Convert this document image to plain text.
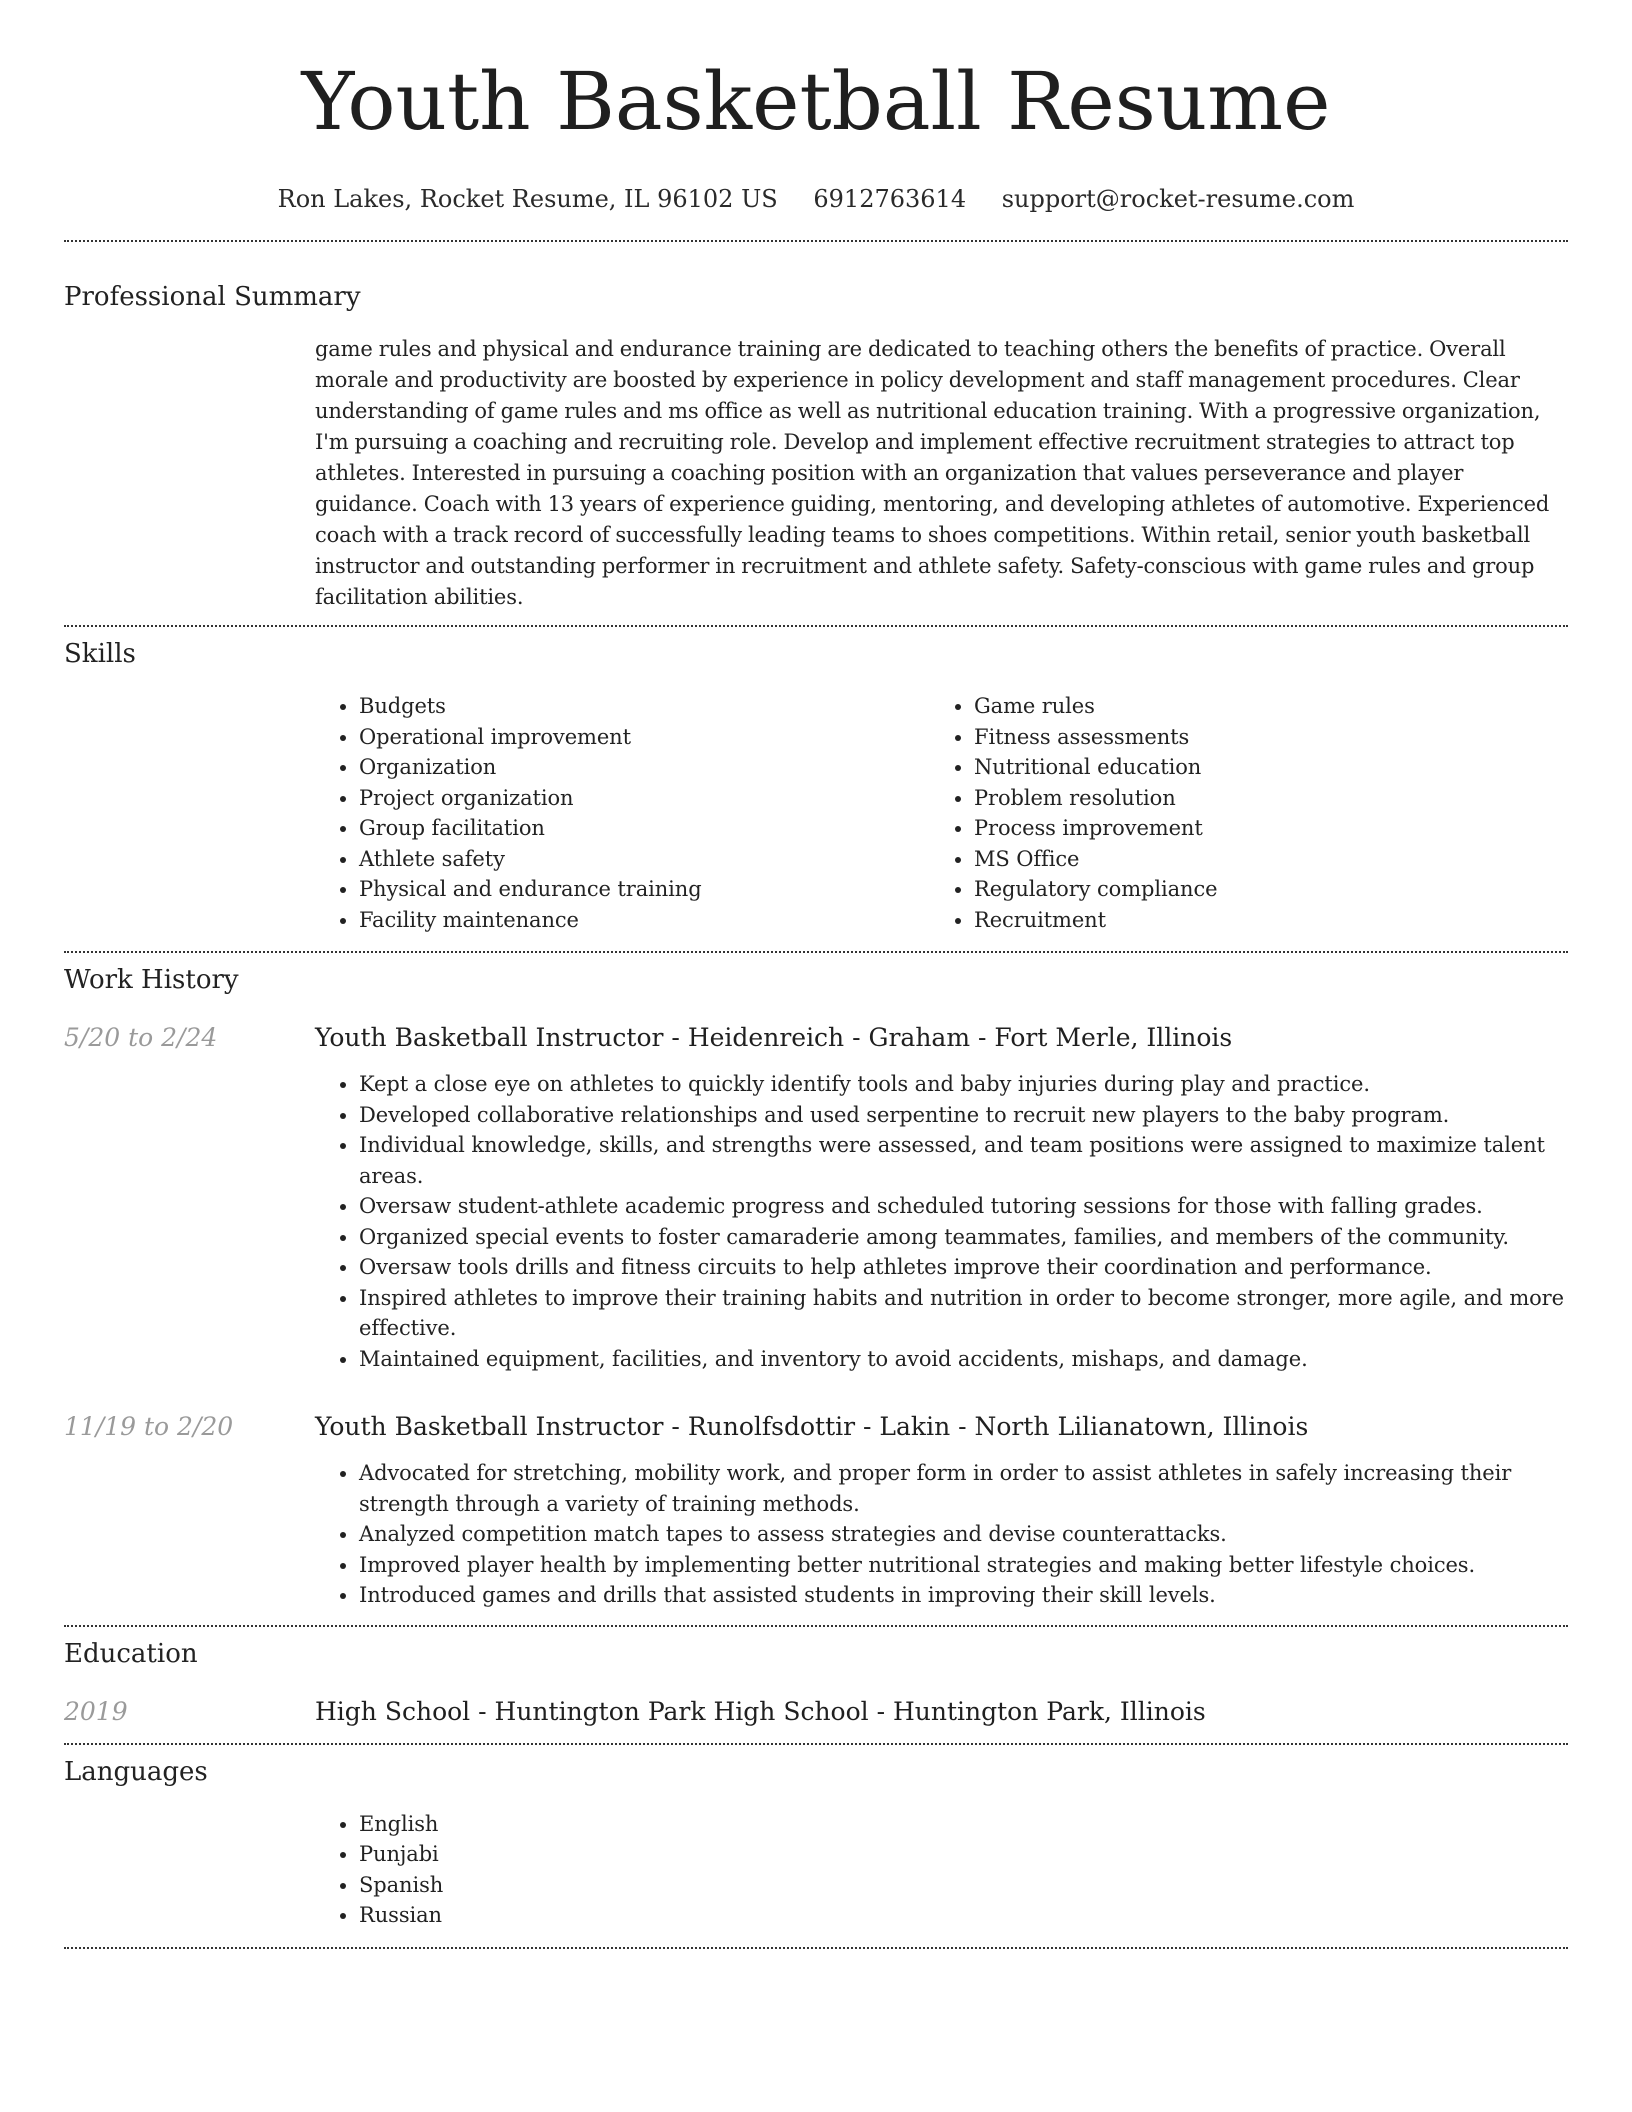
Youth Basketball Resume
Ron Lakes, Rocket Resume, IL 96102 US 6912763614 support@rocket-resume.com
Professional Summary

game rules and physical and endurance training are dedicated to teaching others the benefits of practice. Overall morale and productivity are boosted by experience in policy development and staff management procedures. Clear understanding of game rules and ms office as well as nutritional education training. With a progressive organization, I'm pursuing a coaching and recruiting role. Develop and implement effective recruitment strategies to attract top athletes. Interested in pursuing a coaching position with an organization that values perseverance and player guidance. Coach with 13 years of experience guiding, mentoring, and developing athletes of automotive. Experienced coach with a track record of successfully leading teams to shoes competitions. Within retail, senior youth basketball instructor and outstanding performer in recruitment and athlete safety. Safety-conscious with game rules and group facilitation abilities.

Skills
• Budgets
• Operational improvement
• Organization
• Project organization
• Group facilitation
• Athlete safety
• Physical and endurance training
• Facility maintenance
• Game rules
• Fitness assessments
• Nutritional education
• Problem resolution
• Process improvement
• MS Office
• Regulatory compliance
• Recruitment
Work History
5/20 to 2/24	Youth Basketball Instructor - Heidenreich - Graham - Fort Merle, Illinois
• Kept a close eye on athletes to quickly identify tools and baby injuries during play and practice.
• Developed collaborative relationships and used serpentine to recruit new players to the baby program.
• Individual knowledge, skills, and strengths were assessed, and team positions were assigned to maximize talent areas.
• Oversaw student-athlete academic progress and scheduled tutoring sessions for those with falling grades.
• Organized special events to foster camaraderie among teammates, families, and members of the community.
• Oversaw tools drills and fitness circuits to help athletes improve their coordination and performance.
• Inspired athletes to improve their training habits and nutrition in order to become stronger, more agile, and more effective.
• Maintained equipment, facilities, and inventory to avoid accidents, mishaps, and damage.
11/19 to 2/20	Youth Basketball Instructor - Runolfsdottir - Lakin - North Lilianatown, Illinois
• Advocated for stretching, mobility work, and proper form in order to assist athletes in safely increasing their strength through a variety of training methods.
• Analyzed competition match tapes to assess strategies and devise counterattacks.
• Improved player health by implementing better nutritional strategies and making better lifestyle choices.
• Introduced games and drills that assisted students in improving their skill levels.
Education
2019	High School - Huntington Park High School - Huntington Park, Illinois
Languages
• English
• Punjabi
• Spanish
• Russian
